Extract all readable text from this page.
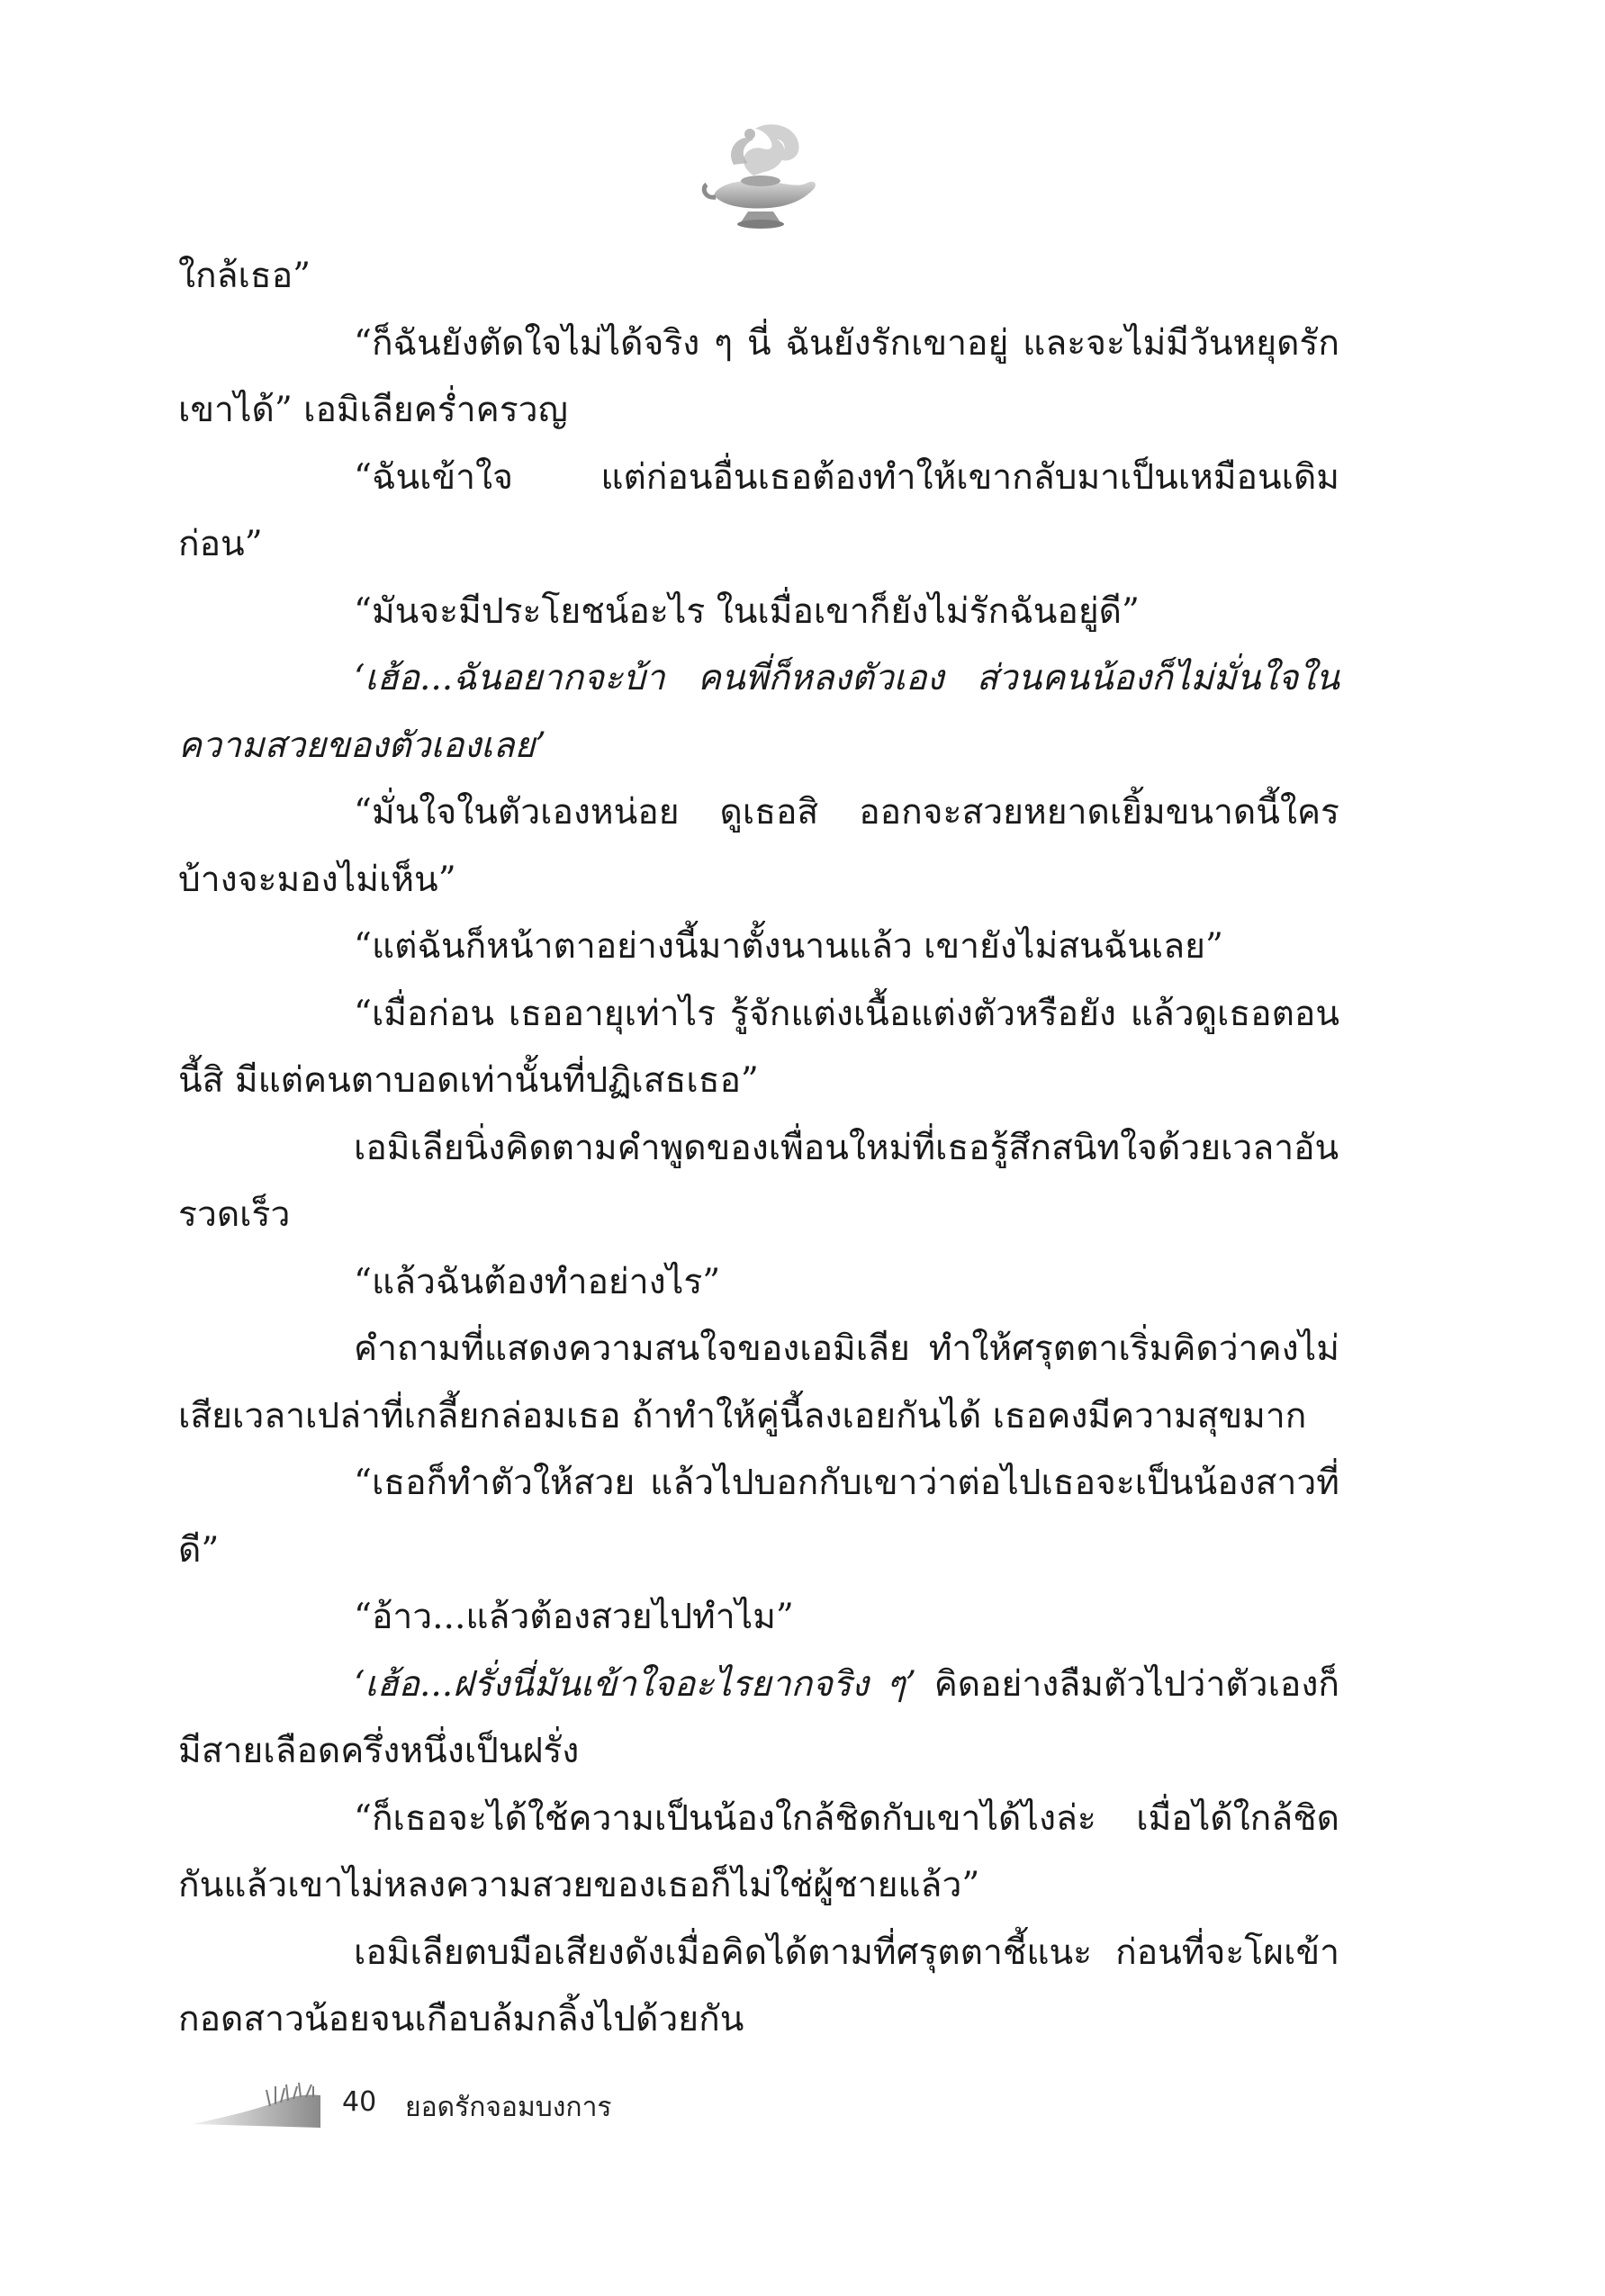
ใกล้เธอ”

“ก็ฉันยังตัดใจไม่ได้จริง ๆ นี่ ฉันยังรักเขาอยู่ และจะไม่มีวันหยุดรักเขาได้” เอมิเลียคร่ำครวญ

“ฉันเข้าใจ แต่ก่อนอื่นเธอต้องทำให้เขากลับมาเป็นเหมือนเดิมก่อน”

“มันจะมีประโยชน์อะไร ในเมื่อเขาก็ยังไม่รักฉันอยู่ดี”

‘เฮ้อ...ฉันอยากจะบ้า คนพี่ก็หลงตัวเอง ส่วนคนน้องก็ไม่มั่นใจในความสวยของตัวเองเลย’

“มั่นใจในตัวเองหน่อย ดูเธอสิ ออกจะสวยหยาดเยิ้มขนาดนี้ใครบ้างจะมองไม่เห็น”

“แต่ฉันก็หน้าตาอย่างนี้มาตั้งนานแล้ว เขายังไม่สนฉันเลย”

“เมื่อก่อน เธออายุเท่าไร รู้จักแต่งเนื้อแต่งตัวหรือยัง แล้วดูเธอตอนนี้สิ มีแต่คนตาบอดเท่านั้นที่ปฏิเสธเธอ”

เอมิเลียนิ่งคิดตามคำพูดของเพื่อนใหม่ที่เธอรู้สึกสนิทใจด้วยเวลาอันรวดเร็ว

“แล้วฉันต้องทำอย่างไร”

คำถามที่แสดงความสนใจของเอมิเลีย ทำให้ศรุตตาเริ่มคิดว่าคงไม่เสียเวลาเปล่าที่เกลี้ยกล่อมเธอ ถ้าทำให้คู่นี้ลงเอยกันได้ เธอคงมีความสุขมาก

“เธอก็ทำตัวให้สวย แล้วไปบอกกับเขาว่าต่อไปเธอจะเป็นน้องสาวที่ดี”

“อ้าว...แล้วต้องสวยไปทำไม”

‘เฮ้อ...ฝรั่งนี่มันเข้าใจอะไรยากจริง ๆ’ คิดอย่างลืมตัวไปว่าตัวเองก็มีสายเลือดครึ่งหนึ่งเป็นฝรั่ง

“ก็เธอจะได้ใช้ความเป็นน้องใกล้ชิดกับเขาได้ไงล่ะ เมื่อได้ใกล้ชิดกันแล้วเขาไม่หลงความสวยของเธอก็ไม่ใช่ผู้ชายแล้ว”

เอมิเลียตบมือเสียงดังเมื่อคิดได้ตามที่ศรุตตาชี้แนะ ก่อนที่จะโผเข้ากอดสาวน้อยจนเกือบล้มกลิ้งไปด้วยกัน

40 ยอดรักจอมบงการ
